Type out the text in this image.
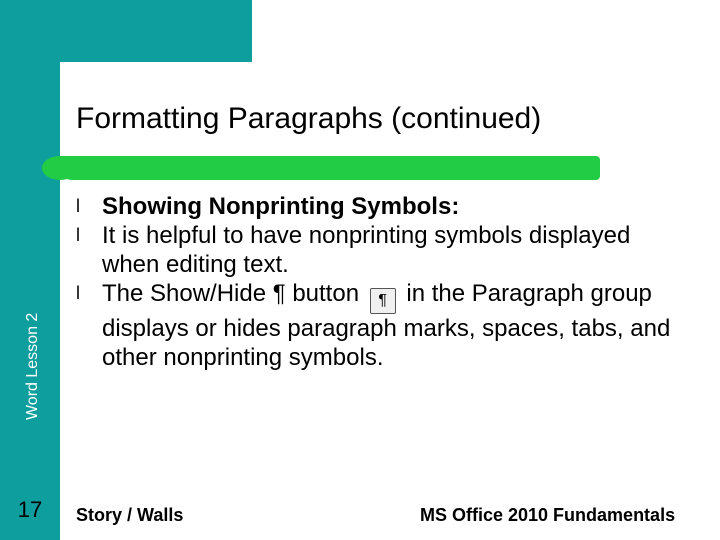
Formatting Paragraphs (continued)
Word Lesson 2
17
l Showing Nonprinting Symbols:
l It is helpful to have nonprinting symbols displayed when editing text.
l The Show/Hide ¶ button ¶ in the Paragraph group displays or hides paragraph marks, spaces, tabs, and other nonprinting symbols.
Story / Walls	MS Office 2010 Fundamentals
